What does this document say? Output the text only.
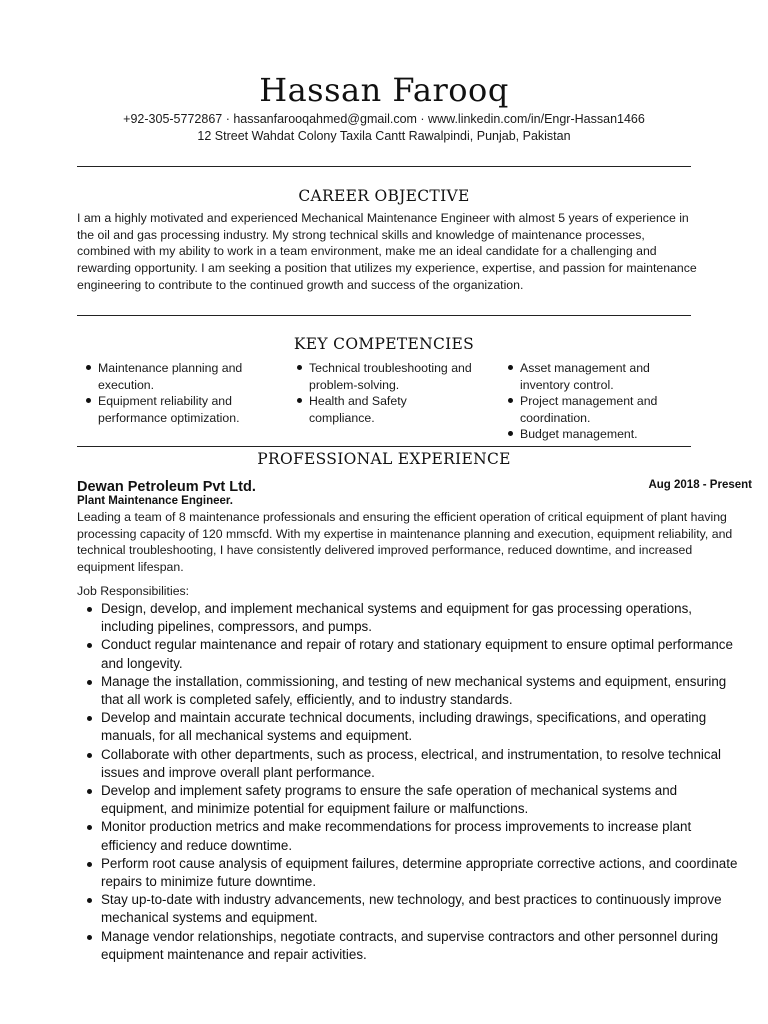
Hassan Farooq
+92-305-5772867 · hassanfarooqahmed@gmail.com · www.linkedin.com/in/Engr-Hassan1466
12 Street Wahdat Colony Taxila Cantt Rawalpindi, Punjab, Pakistan
CAREER OBJECTIVE
I am a highly motivated and experienced Mechanical Maintenance Engineer with almost 5 years of experience in the oil and gas processing industry. My strong technical skills and knowledge of maintenance processes, combined with my ability to work in a team environment, make me an ideal candidate for a challenging and rewarding opportunity. I am seeking a position that utilizes my experience, expertise, and passion for maintenance engineering to contribute to the continued growth and success of the organization.
KEY COMPETENCIES
Maintenance planning and execution.
Equipment reliability and performance optimization.
Technical troubleshooting and problem-solving.
Health and Safety compliance.
Asset management and inventory control.
Project management and coordination.
Budget management.
PROFESSIONAL EXPERIENCE
Dewan Petroleum Pvt Ltd.	Aug 2018 - Present
Plant Maintenance Engineer.
Leading a team of 8 maintenance professionals and ensuring the efficient operation of critical equipment of plant having processing capacity of 120 mmscfd. With my expertise in maintenance planning and execution, equipment reliability, and technical troubleshooting, I have consistently delivered improved performance, reduced downtime, and increased equipment lifespan.
Job Responsibilities:
Design, develop, and implement mechanical systems and equipment for gas processing operations, including pipelines, compressors, and pumps.
Conduct regular maintenance and repair of rotary and stationary equipment to ensure optimal performance and longevity.
Manage the installation, commissioning, and testing of new mechanical systems and equipment, ensuring that all work is completed safely, efficiently, and to industry standards.
Develop and maintain accurate technical documents, including drawings, specifications, and operating manuals, for all mechanical systems and equipment.
Collaborate with other departments, such as process, electrical, and instrumentation, to resolve technical issues and improve overall plant performance.
Develop and implement safety programs to ensure the safe operation of mechanical systems and equipment, and minimize potential for equipment failure or malfunctions.
Monitor production metrics and make recommendations for process improvements to increase plant efficiency and reduce downtime.
Perform root cause analysis of equipment failures, determine appropriate corrective actions, and coordinate repairs to minimize future downtime.
Stay up-to-date with industry advancements, new technology, and best practices to continuously improve mechanical systems and equipment.
Manage vendor relationships, negotiate contracts, and supervise contractors and other personnel during equipment maintenance and repair activities.
